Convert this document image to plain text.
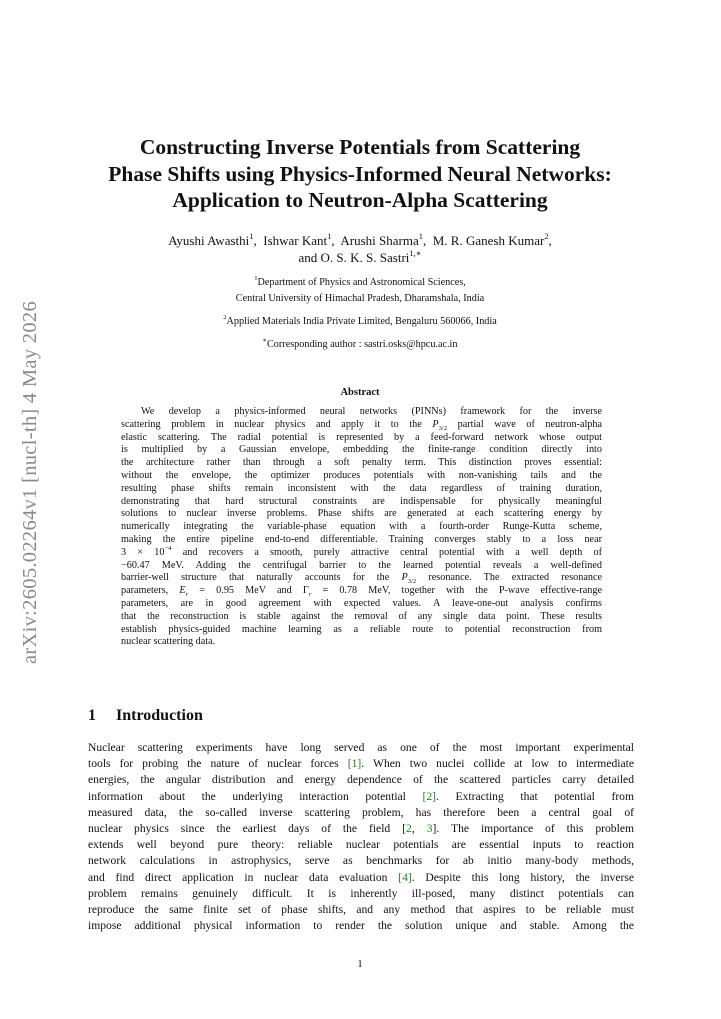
arXiv:2605.02264v1 [nucl-th] 4 May 2026
Constructing Inverse Potentials from Scattering
Phase Shifts using Physics-Informed Neural Networks:
Application to Neutron-Alpha Scattering
Ayushi Awasthi$^1$,  Ishwar Kant$^1$,  Arushi Sharma$^1$,  M. R. Ganesh Kumar$^2$,
and O. S. K. S. Sastri$^{1,∗}$
$^1$Department of Physics and Astronomical Sciences,
Central University of Himachal Pradesh, Dharamshala, India
$^2$Applied Materials India Private Limited, Bengaluru 560066, India
∗Corresponding author : sastri.osks@hpcu.ac.in
Abstract
We develop a physics-informed neural networks (PINNs) framework for the inverse
scattering problem in nuclear physics and apply it to the $P_{3/2}$ partial wave of neutron-alpha
elastic scattering. The radial potential is represented by a feed-forward network whose output
is multiplied by a Gaussian envelope, embedding the finite-range condition directly into
the architecture rather than through a soft penalty term. This distinction proves essential:
without the envelope, the optimizer produces potentials with non-vanishing tails and the
resulting phase shifts remain inconsistent with the data regardless of training duration,
demonstrating that hard structural constraints are indispensable for physically meaningful
solutions to nuclear inverse problems. Phase shifts are generated at each scattering energy by
numerically integrating the variable-phase equation with a fourth-order Runge-Kutta scheme,
making the entire pipeline end-to-end differentiable. Training converges stably to a loss near
$3 \times 10^{-4}$ and recovers a smooth, purely attractive central potential with a well depth of
−60.47 MeV. Adding the centrifugal barrier to the learned potential reveals a well-defined
barrier-well structure that naturally accounts for the $P_{3/2}$ resonance. The extracted resonance
parameters, $E_r = 0.95$ MeV and $\Gamma_r = 0.78$ MeV, together with the P-wave effective-range
parameters, are in good agreement with expected values. A leave-one-out analysis confirms
that the reconstruction is stable against the removal of any single data point. These results
establish physics-guided machine learning as a reliable route to potential reconstruction from
nuclear scattering data.
1 Introduction
Nuclear scattering experiments have long served as one of the most important experimental
tools for probing the nature of nuclear forces [1]. When two nuclei collide at low to intermediate
energies, the angular distribution and energy dependence of the scattered particles carry detailed
information about the underlying interaction potential [2]. Extracting that potential from
measured data, the so-called inverse scattering problem, has therefore been a central goal of
nuclear physics since the earliest days of the field [2, 3]. The importance of this problem
extends well beyond pure theory: reliable nuclear potentials are essential inputs to reaction
network calculations in astrophysics, serve as benchmarks for ab initio many-body methods,
and find direct application in nuclear data evaluation [4]. Despite this long history, the inverse
problem remains genuinely difficult. It is inherently ill-posed, many distinct potentials can
reproduce the same finite set of phase shifts, and any method that aspires to be reliable must
impose additional physical information to render the solution unique and stable. Among the
1
